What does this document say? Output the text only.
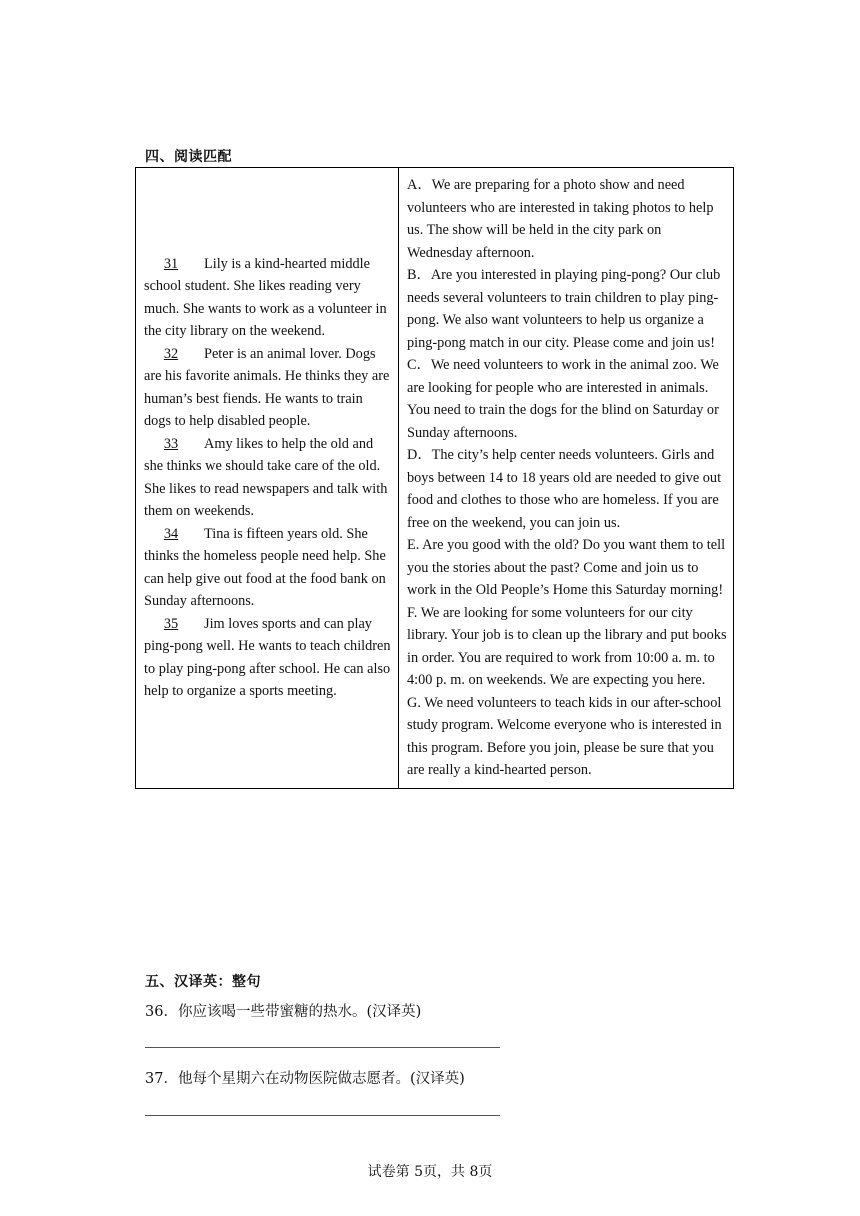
四、阅读匹配
31 Lily is a kind-hearted middle school student. She likes reading very much. She wants to work as a volunteer in the city library on the weekend.
32 Peter is an animal lover. Dogs are his favorite animals. He thinks they are human’s best fiends. He wants to train dogs to help disabled people.
33 Amy likes to help the old and she thinks we should take care of the old. She likes to read newspapers and talk with them on weekends.
34 Tina is fifteen years old. She thinks the homeless people need help. She can help give out food at the food bank on Sunday afternoons.
35 Jim loves sports and can play ping-pong well. He wants to teach children to play ping-pong after school. He can also help to organize a sports meeting.

A．We are preparing for a photo show and need volunteers who are interested in taking photos to help us. The show will be held in the city park on Wednesday afternoon.
B．Are you interested in playing ping-pong? Our club needs several volunteers to train children to play ping-pong. We also want volunteers to help us organize a ping-pong match in our city. Please come and join us!
C．We need volunteers to work in the animal zoo. We are looking for people who are interested in animals. You need to train the dogs for the blind on Saturday or Sunday afternoons.
D．The city’s help center needs volunteers. Girls and boys between 14 to 18 years old are needed to give out food and clothes to those who are homeless. If you are free on the weekend, you can join us.
E. Are you good with the old? Do you want them to tell you the stories about the past? Come and join us to work in the Old People’s Home this Saturday morning!
F. We are looking for some volunteers for our city library. Your job is to clean up the library and put books in order. You are required to work from 10:00 a. m. to 4:00 p. m. on weekends. We are expecting you here.
G. We need volunteers to teach kids in our after-school study program. Welcome everyone who is interested in this program. Before you join, please be sure that you are really a kind-hearted person.
五、汉译英：整句
36．你应该喝一些带蜜糖的热水。(汉译英)
37．他每个星期六在动物医院做志愿者。(汉译英)
试卷第 5页，共 8页
